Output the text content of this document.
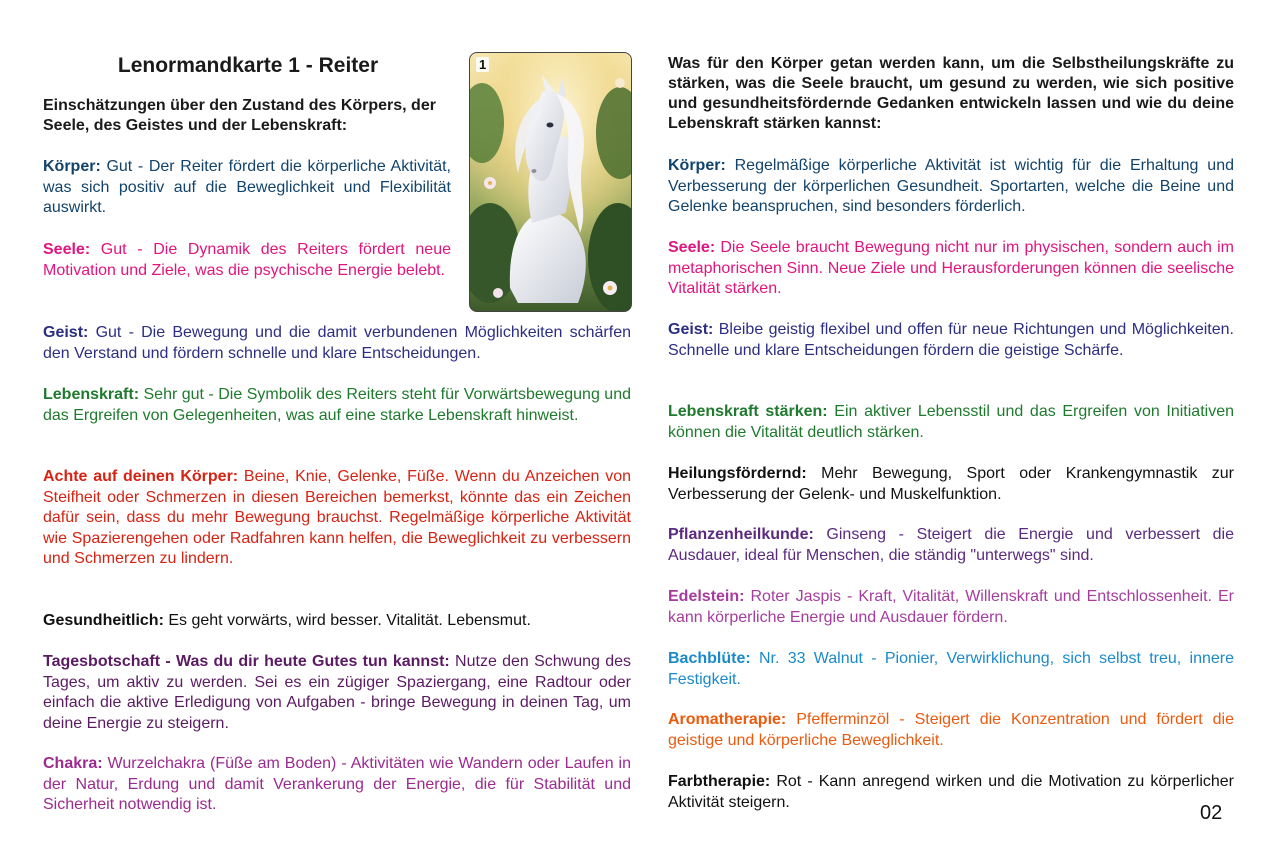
Lenormandkarte 1 - Reiter
Einschätzungen über den Zustand des Körpers, der Seele, des Geistes und der Lebenskraft:
1

Körper: Gut - Der Reiter fördert die körperliche Aktivität, was sich positiv auf die Beweglichkeit und Flexibilität auswirkt.

Seele: Gut - Die Dynamik des Reiters fördert neue Motivation und Ziele, was die psychische Energie belebt.

Geist: Gut - Die Bewegung und die damit verbundenen Möglichkeiten schärfen den Verstand und fördern schnelle und klare Entscheidungen.

Lebenskraft: Sehr gut - Die Symbolik des Reiters steht für Vorwärtsbewegung und das Ergreifen von Gelegenheiten, was auf eine starke Lebenskraft hinweist.

Achte auf deinen Körper: Beine, Knie, Gelenke, Füße. Wenn du Anzeichen von Steifheit oder Schmerzen in diesen Bereichen bemerkst, könnte das ein Zeichen dafür sein, dass du mehr Bewegung brauchst. Regelmäßige körperliche Aktivität wie Spazierengehen oder Radfahren kann helfen, die Beweglichkeit zu verbessern und Schmerzen zu lindern.

Gesundheitlich: Es geht vorwärts, wird besser. Vitalität. Lebensmut.

Tagesbotschaft - Was du dir heute Gutes tun kannst: Nutze den Schwung des Tages, um aktiv zu werden. Sei es ein zügiger Spaziergang, eine Radtour oder einfach die aktive Erledigung von Aufgaben - bringe Bewegung in deinen Tag, um deine Energie zu steigern.

Chakra: Wurzelchakra (Füße am Boden) - Aktivitäten wie Wandern oder Laufen in der Natur, Erdung und damit Verankerung der Energie, die für Stabilität und Sicherheit notwendig ist.

Was für den Körper getan werden kann, um die Selbstheilungskräfte zu stärken, was die Seele braucht, um gesund zu werden, wie sich positive und gesundheitsfördernde Gedanken entwickeln lassen und wie du deine Lebenskraft stärken kannst:

Körper: Regelmäßige körperliche Aktivität ist wichtig für die Erhaltung und Verbesserung der körperlichen Gesundheit. Sportarten, welche die Beine und Gelenke beanspruchen, sind besonders förderlich.

Seele: Die Seele braucht Bewegung nicht nur im physischen, sondern auch im metaphorischen Sinn. Neue Ziele und Herausforderungen können die seelische Vitalität stärken.

Geist: Bleibe geistig flexibel und offen für neue Richtungen und Möglichkeiten. Schnelle und klare Entscheidungen fördern die geistige Schärfe.

Lebenskraft stärken: Ein aktiver Lebensstil und das Ergreifen von Initiativen können die Vitalität deutlich stärken.

Heilungsfördernd: Mehr Bewegung, Sport oder Krankengymnastik zur Verbesserung der Gelenk- und Muskelfunktion.

Pflanzenheilkunde: Ginseng - Steigert die Energie und verbessert die Ausdauer, ideal für Menschen, die ständig "unterwegs" sind.

Edelstein: Roter Jaspis - Kraft, Vitalität, Willenskraft und Entschlossenheit. Er kann körperliche Energie und Ausdauer fördern.

Bachblüte: Nr. 33 Walnut - Pionier, Verwirklichung, sich selbst treu, innere Festigkeit.

Aromatherapie: Pfefferminzöl - Steigert die Konzentration und fördert die geistige und körperliche Beweglichkeit.

Farbtherapie: Rot - Kann anregend wirken und die Motivation zu körperlicher Aktivität steigern.	02
